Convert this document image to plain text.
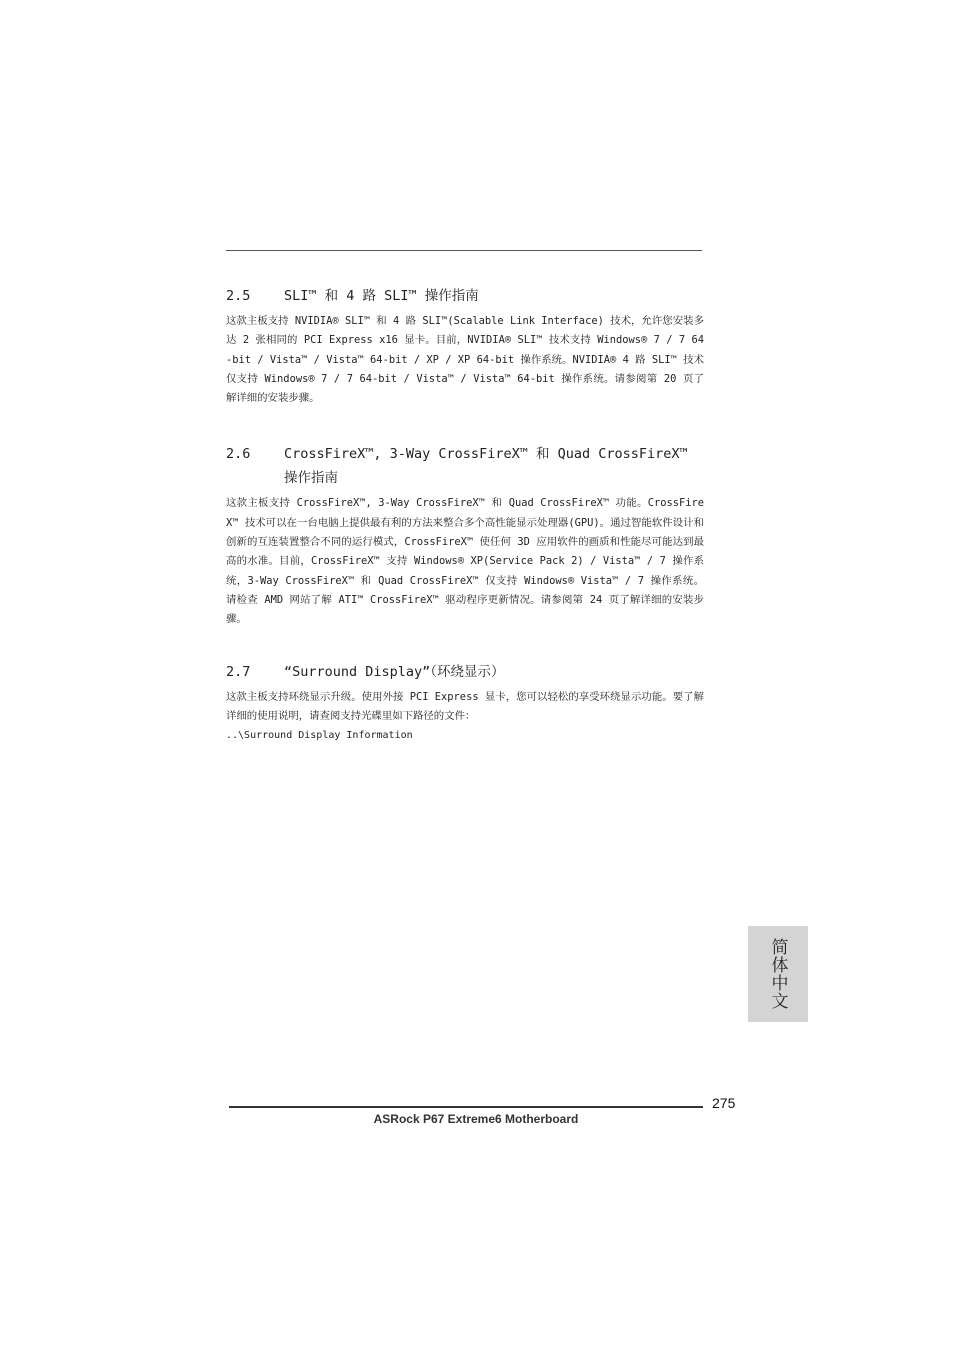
2.5	SLI™ 和 4 路 SLI™ 操作指南

这款主板支持 NVIDIA® SLI™ 和 4 路 SLI™(Scalable Link Interface) 技术，允许您安装多达 2 张相同的 PCI Express x16 显卡。目前，NVIDIA® SLI™ 技术支持 Windows® 7 / 7 64-bit / Vista™ / Vista™ 64-bit / XP / XP 64-bit 操作系统。NVIDIA® 4 路 SLI™ 技术仅支持 Windows® 7 / 7 64-bit / Vista™ / Vista™ 64-bit 操作系统。请参阅第 20 页了解详细的安装步骤。

2.6	CrossFireX™, 3-Way CrossFireX™ 和 Quad CrossFireX™ 操作指南

这款主板支持 CrossFireX™, 3-Way CrossFireX™ 和 Quad CrossFireX™ 功能。CrossFireX™ 技术可以在一台电脑上提供最有利的方法来整合多个高性能显示处理器(GPU)。通过智能软件设计和创新的互连装置整合不同的运行模式，CrossFireX™ 使任何 3D 应用软件的画质和性能尽可能达到最高的水准。目前，CrossFireX™ 支持 Windows® XP(Service Pack 2) / Vista™ / 7 操作系统，3-Way CrossFireX™ 和 Quad CrossFireX™ 仅支持 Windows® Vista™ / 7 操作系统。请检查 AMD 网站了解 ATI™ CrossFireX™ 驱动程序更新情况。请参阅第 24 页了解详细的安装步骤。

2.7	“Surround Display”（环绕显示）

这款主板支持环绕显示升级。使用外接 PCI Express 显卡，您可以轻松的享受环绕显示功能。要了解详细的使用说明，请查阅支持光碟里如下路径的文件：

..\Surround Display Information
简体中文
275
ASRock P67 Extreme6 Motherboard
